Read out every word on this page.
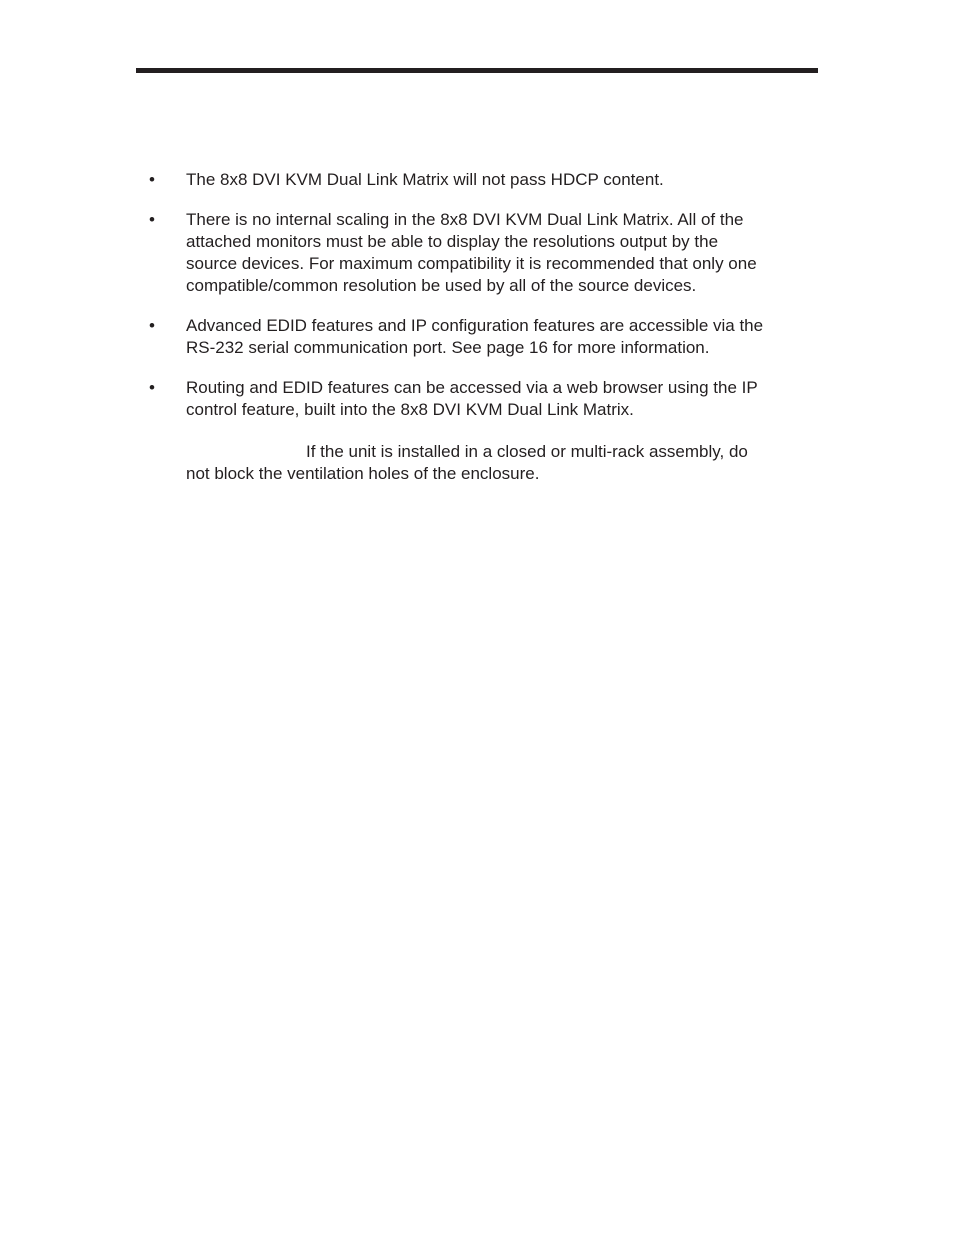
• The 8x8 DVI KVM Dual Link Matrix will not pass HDCP content.
• There is no internal scaling in the 8x8 DVI KVM Dual Link Matrix. All of the
attached monitors must be able to display the resolutions output by the
source devices. For maximum compatibility it is recommended that only one
compatible/common resolution be used by all of the source devices.
• Advanced EDID features and IP configuration features are accessible via the
RS-232 serial communication port. See page 16 for more information.
• Routing and EDID features can be accessed via a web browser using the IP
control feature, built into the 8x8 DVI KVM Dual Link Matrix.
If the unit is installed in a closed or multi-rack assembly, do
not block the ventilation holes of the enclosure.
